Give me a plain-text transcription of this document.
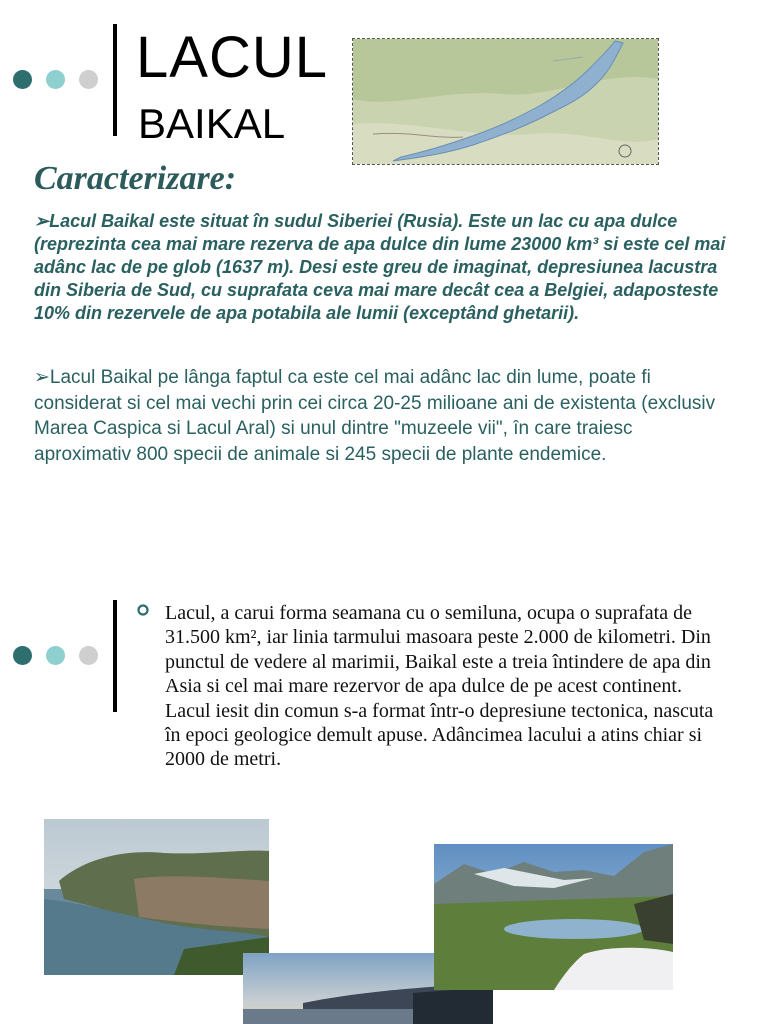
LACUL
BAIKAL
Caracterizare:
➢Lacul Baikal este situat în sudul Siberiei (Rusia). Este un lac cu apa dulce (reprezinta cea mai mare rezerva de apa dulce din lume 23000 km³ si este cel mai adânc lac de pe glob (1637 m). Desi este greu de imaginat, depresiunea lacustra din Siberia de Sud, cu suprafata ceva mai mare decât cea a Belgiei, adaposteste 10% din rezervele de apa potabila ale lumii (exceptând ghetarii).
➢Lacul Baikal pe lânga faptul ca este cel mai adânc lac din lume, poate fi considerat si cel mai vechi prin cei circa 20-25 milioane ani de existenta (exclusiv Marea Caspica si Lacul Aral) si unul dintre "muzeele vii", în care traiesc aproximativ 800 specii de animale si 245 specii de plante endemice.
Lacul, a carui forma seamana cu o semiluna, ocupa o suprafata de 31.500 km², iar linia tarmului masoara peste 2.000 de kilometri. Din punctul de vedere al marimii, Baikal este a treia întindere de apa din Asia si cel mai mare rezervor de apa dulce de pe acest continent. Lacul iesit din comun s-a format într-o depresiune tectonica, nascuta în epoci geologice demult apuse. Adâncimea lacului a atins chiar si 2000 de metri.
